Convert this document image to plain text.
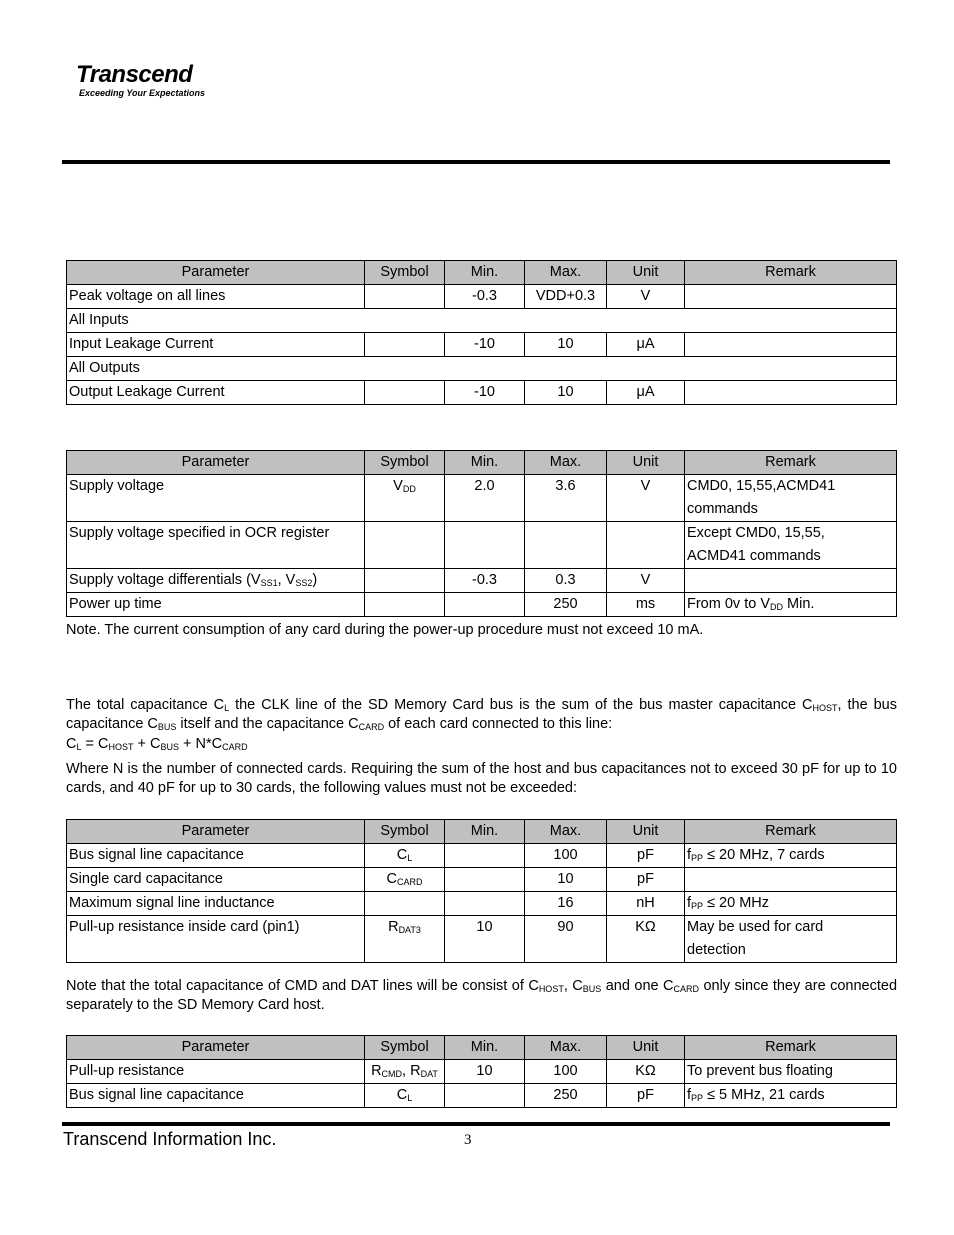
Transcend
Exceeding Your Expectations
Parameter	Symbol	Min.	Max.	Unit	Remark
Peak voltage on all lines		-0.3	VDD+0.3	V	
All Inputs					
Input Leakage Current		-10	10	μA	
All Outputs					
Output Leakage Current		-10	10	μA	
Parameter	Symbol	Min.	Max.	Unit	Remark
Supply voltage	$V_{DD}$	2.0	3.6	V	CMD0, 15,55,ACMD41
commands

Supply voltage specified in OCR register					Except CMD0, 15,55,
ACMD41 commands

Supply voltage differentials ($V_{SS1}$, $V_{SS2}$)		-0.3	0.3	V	
Power up time			250	ms	From 0v to $V_{DD}$ Min.
Note. The current consumption of any card during the power-up procedure must not exceed 10 mA.
The total capacitance $C_L$ the CLK line of the SD Memory Card bus is the sum of the bus master capacitance $C_{HOST}$, the bus capacitance $C_{BUS}$ itself and the capacitance $C_{CARD}$ of each card connected to this line:
$C_L = C_{HOST} + C_{BUS} + N*C_{CARD}$
Where N is the number of connected cards. Requiring the sum of the host and bus capacitances not to exceed 30 pF for up to 10 cards, and 40 pF for up to 30 cards, the following values must not be exceeded:
Parameter	Symbol	Min.	Max.	Unit	Remark
Bus signal line capacitance	$C_L$		100	pF	$f_{PP} \le 20$ MHz, 7 cards
Single card capacitance	$C_{CARD}$		10	pF	
Maximum signal line inductance			16	nH	$f_{PP} \le 20$ MHz
Pull-up resistance inside card (pin1)	$R_{DAT3}$	10	90	KΩ	May be used for card
detection
Note that the total capacitance of CMD and DAT lines will be consist of $C_{HOST}$, $C_{BUS}$ and one $C_{CARD}$ only since they are connected separately to the SD Memory Card host.
Parameter	Symbol	Min.	Max.	Unit	Remark
Pull-up resistance	$R_{CMD}$, $R_{DAT}$	10	100	KΩ	To prevent bus floating
Bus signal line capacitance	$C_L$		250	pF	$f_{PP} \le 5$ MHz, 21 cards
Transcend Information Inc.	3
